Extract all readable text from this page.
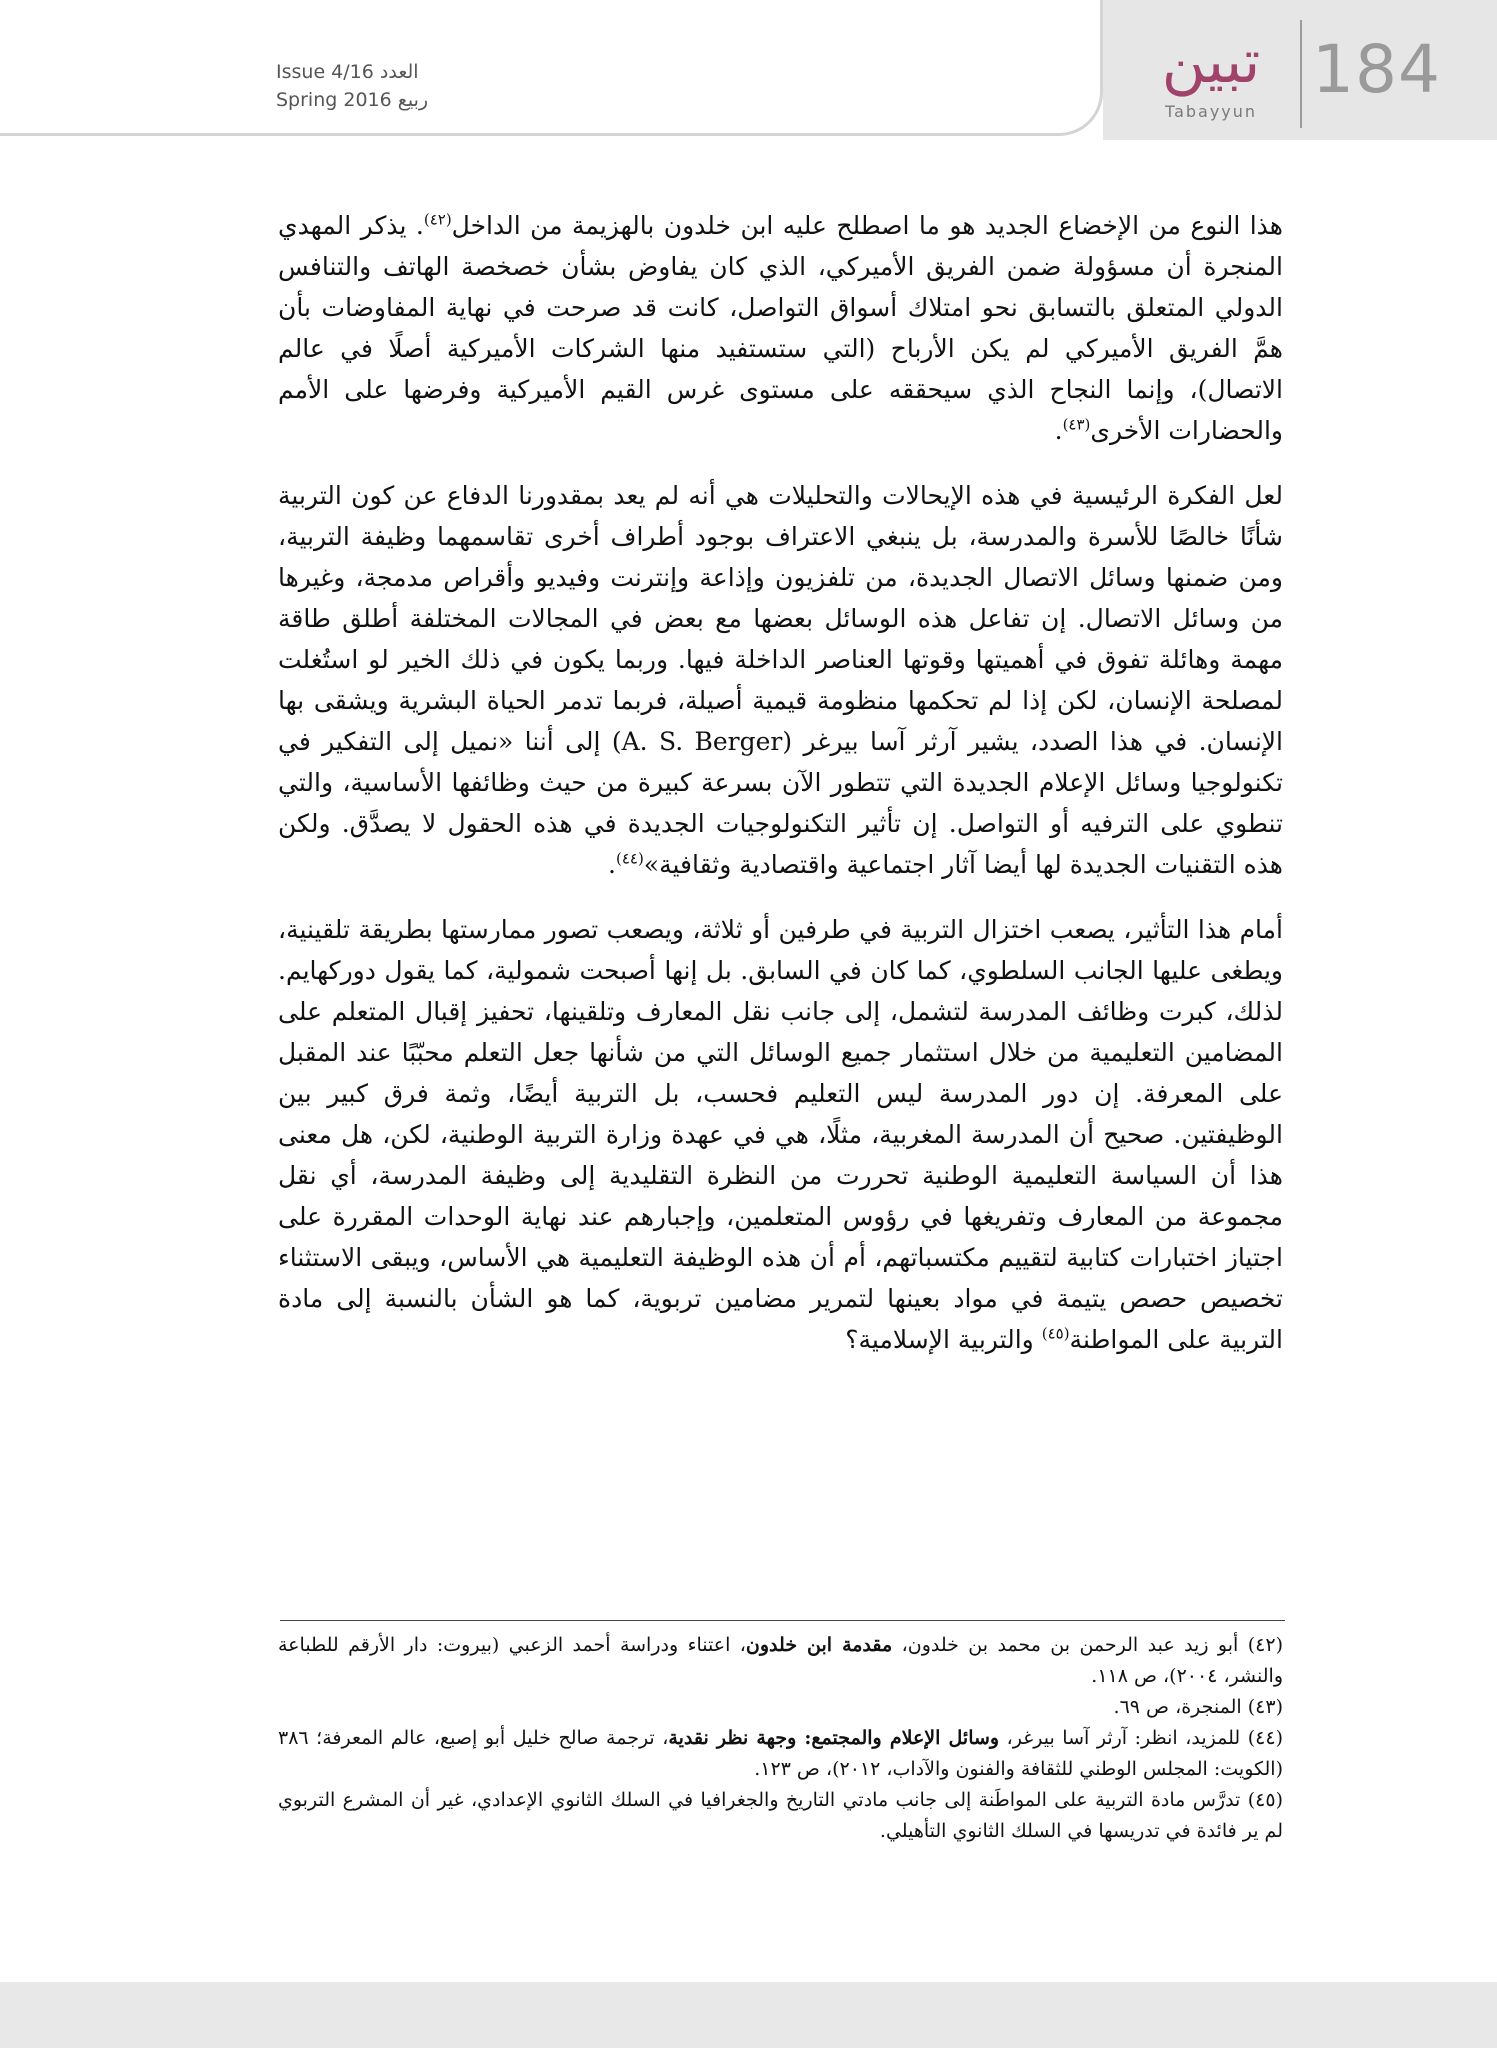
Issue 4/16 العدد
Spring 2016 ربيع
تبين
Tabayyun
184

هذا النوع من الإخضاع الجديد هو ما اصطلح عليه ابن خلدون بالهزيمة من الداخل$^{(٤٢)}$. يذكر المهدي المنجرة أن مسؤولة ضمن الفريق الأميركي، الذي كان يفاوض بشأن خصخصة الهاتف والتنافس الدولي المتعلق بالتسابق نحو امتلاك أسواق التواصل، كانت قد صرحت في نهاية المفاوضات بأن همَّ الفريق الأميركي لم يكن الأرباح (التي ستستفيد منها الشركات الأميركية أصلًا في عالم الاتصال)، وإنما النجاح الذي سيحققه على مستوى غرس القيم الأميركية وفرضها على الأمم والحضارات الأخرى$^{(٤٣)}$.

لعل الفكرة الرئيسية في هذه الإيحالات والتحليلات هي أنه لم يعد بمقدورنا الدفاع عن كون التربية شأنًا خالصًا للأسرة والمدرسة، بل ينبغي الاعتراف بوجود أطراف أخرى تقاسمهما وظيفة التربية، ومن ضمنها وسائل الاتصال الجديدة، من تلفزيون وإذاعة وإنترنت وفيديو وأقراص مدمجة، وغيرها من وسائل الاتصال. إن تفاعل هذه الوسائل بعضها مع بعض في المجالات المختلفة أطلق طاقة مهمة وهائلة تفوق في أهميتها وقوتها العناصر الداخلة فيها. وربما يكون في ذلك الخير لو استُغلت لمصلحة الإنسان، لكن إذا لم تحكمها منظومة قيمية أصيلة، فربما تدمر الحياة البشرية ويشقى بها الإنسان. في هذا الصدد، يشير آرثر آسا بيرغر (A. S. Berger) إلى أننا «نميل إلى التفكير في تكنولوجيا وسائل الإعلام الجديدة التي تتطور الآن بسرعة كبيرة من حيث وظائفها الأساسية، والتي تنطوي على الترفيه أو التواصل. إن تأثير التكنولوجيات الجديدة في هذه الحقول لا يصدَّق. ولكن هذه التقنيات الجديدة لها أيضا آثار اجتماعية واقتصادية وثقافية»$^{(٤٤)}$.

أمام هذا التأثير، يصعب اختزال التربية في طرفين أو ثلاثة، ويصعب تصور ممارستها بطريقة تلقينية، ويطغى عليها الجانب السلطوي، كما كان في السابق. بل إنها أصبحت شمولية، كما يقول دوركهايم. لذلك، كبرت وظائف المدرسة لتشمل، إلى جانب نقل المعارف وتلقينها، تحفيز إقبال المتعلم على المضامين التعليمية من خلال استثمار جميع الوسائل التي من شأنها جعل التعلم محبّبًا عند المقبل على المعرفة. إن دور المدرسة ليس التعليم فحسب، بل التربية أيضًا، وثمة فرق كبير بين الوظيفتين. صحيح أن المدرسة المغربية، مثلًا، هي في عهدة وزارة التربية الوطنية، لكن، هل معنى هذا أن السياسة التعليمية الوطنية تحررت من النظرة التقليدية إلى وظيفة المدرسة، أي نقل مجموعة من المعارف وتفريغها في رؤوس المتعلمين، وإجبارهم عند نهاية الوحدات المقررة على اجتياز اختبارات كتابية لتقييم مكتسباتهم، أم أن هذه الوظيفة التعليمية هي الأساس، ويبقى الاستثناء تخصيص حصص يتيمة في مواد بعينها لتمرير مضامين تربوية، كما هو الشأن بالنسبة إلى مادة التربية على المواطنة$^{(٤٥)}$ والتربية الإسلامية؟

(٤٢) أبو زيد عبد الرحمن بن محمد بن خلدون، مقدمة ابن خلدون، اعتناء ودراسة أحمد الزعبي (بيروت: دار الأرقم للطباعة والنشر، ٢٠٠٤)، ص ١١٨.

(٤٣) المنجرة، ص ٦٩.

(٤٤) للمزيد، انظر: آرثر آسا بيرغر، وسائل الإعلام والمجتمع: وجهة نظر نقدية، ترجمة صالح خليل أبو إصبع، عالم المعرفة؛ ٣٨٦ (الكويت: المجلس الوطني للثقافة والفنون والآداب، ٢٠١٢)، ص ١٢٣.

(٤٥) تدرَّس مادة التربية على المواطَنة إلى جانب مادتي التاريخ والجغرافيا في السلك الثانوي الإعدادي، غير أن المشرع التربوي لم ير فائدة في تدريسها في السلك الثانوي التأهيلي.
